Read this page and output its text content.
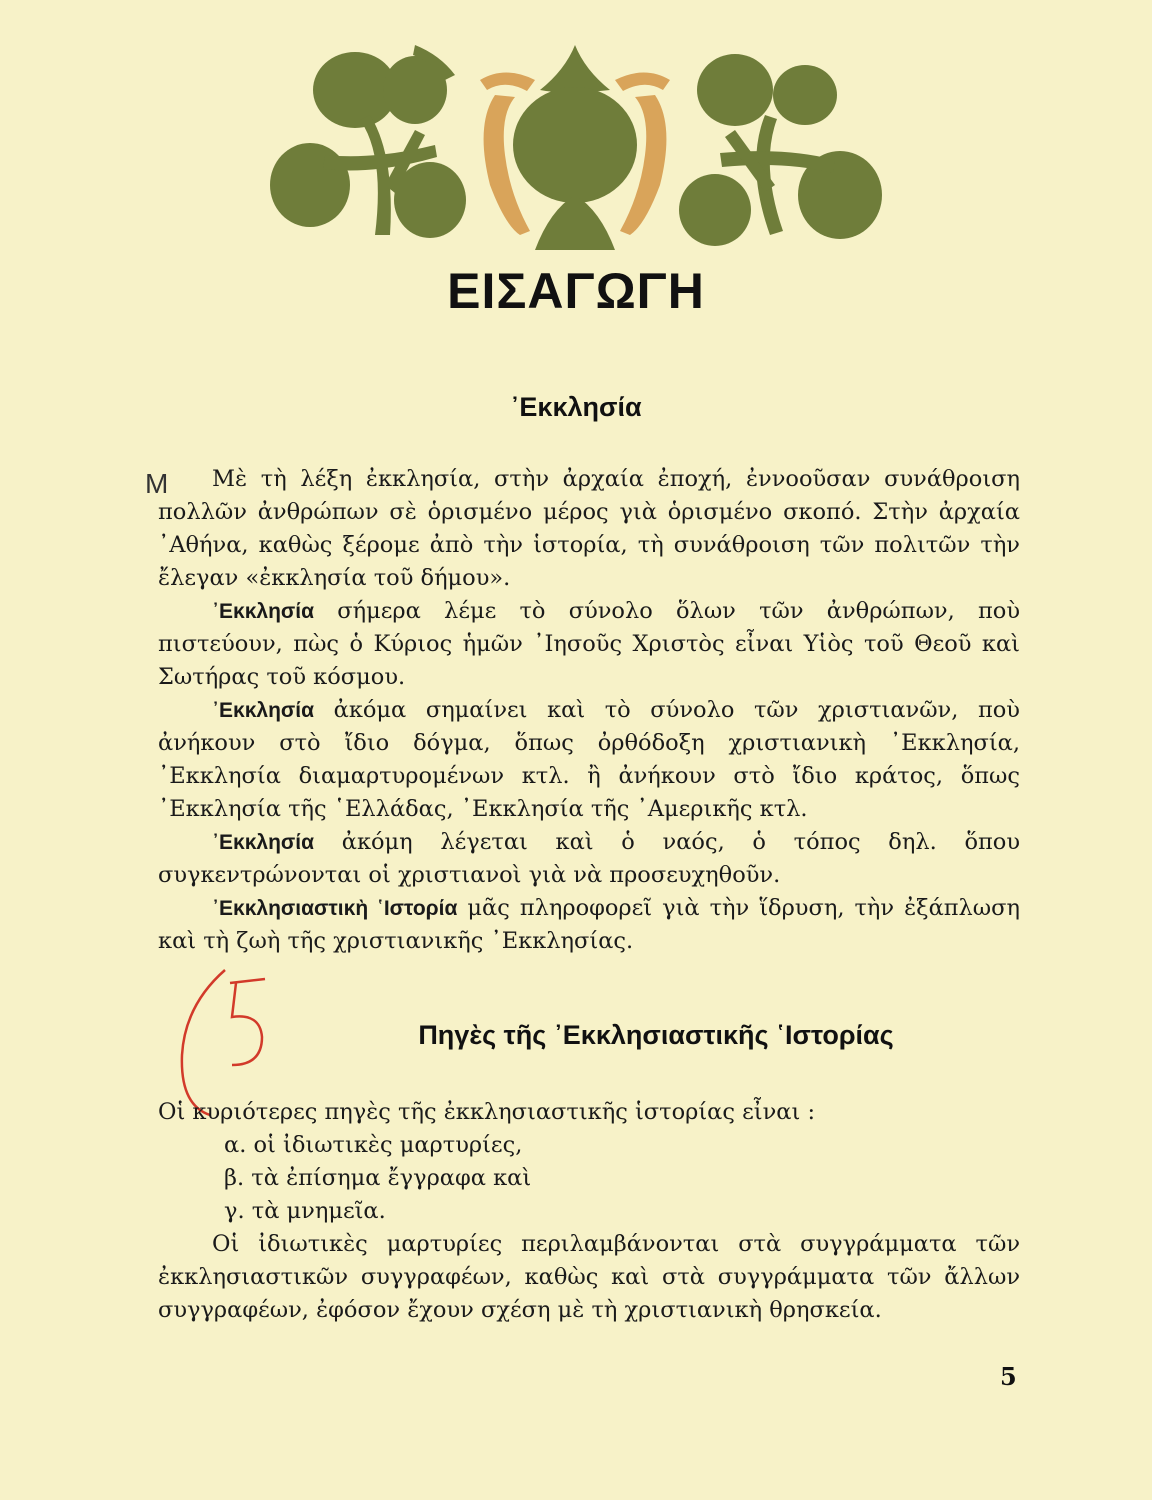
ΕΙΣΑΓΩΓΗ
᾿Εκκλησία
Μ	Μὲ τὴ λέξη ἐκκλησία, στὴν ἀρχαία ἐποχή, ἐννοοῦσαν συνάθροιση πολλῶν ἀνθρώπων σὲ ὁρισμένο μέρος γιὰ ὁρισμένο σκοπό. Στὴν ἀρχαία ᾿Αθήνα, καθὼς ξέρομε ἀπὸ τὴν ἱστορία, τὴ συνάθροιση τῶν πολιτῶν τὴν ἔλεγαν «ἐκκλησία τοῦ δήμου».

᾿Εκκλησία σήμερα λέμε τὸ σύνολο ὅλων τῶν ἀνθρώπων, ποὺ πιστεύουν, πὼς ὁ Κύριος ἡμῶν ᾿Ιησοῦς Χριστὸς εἶναι Υἱὸς τοῦ Θεοῦ καὶ Σωτήρας τοῦ κόσμου.

᾿Εκκλησία ἀκόμα σημαίνει καὶ τὸ σύνολο τῶν χριστιανῶν, ποὺ ἀνήκουν στὸ ἴδιο δόγμα, ὅπως ὀρθόδοξη χριστιανικὴ ᾿Εκκλησία, ᾿Εκκλησία διαμαρτυρομένων κτλ. ἢ ἀνήκουν στὸ ἴδιο κράτος, ὅπως ᾿Εκκλησία τῆς ῾Ελλάδας, ᾿Εκκλησία τῆς ᾿Αμερικῆς κτλ.

᾿Εκκλησία ἀκόμη λέγεται καὶ ὁ ναός, ὁ τόπος δηλ. ὅπου συγκεντρώνονται οἱ χριστιανοὶ γιὰ νὰ προσευχηθοῦν.

᾿Εκκλησιαστικὴ ῾Ιστορία μᾶς πληροφορεῖ γιὰ τὴν ἵδρυση, τὴν ἐξάπλωση καὶ τὴ ζωὴ τῆς χριστιανικῆς ᾿Εκκλησίας.

Πηγὲς τῆς ᾿Εκκλησιαστικῆς ῾Ιστορίας

Οἱ κυριότερες πηγὲς τῆς ἐκκλησιαστικῆς ἱστορίας εἶναι :

α. οἱ ἰδιωτικὲς μαρτυρίες,

β. τὰ ἐπίσημα ἔγγραφα καὶ

γ. τὰ μνημεῖα.

Οἱ ἰδιωτικὲς μαρτυρίες περιλαμβάνονται στὰ συγγράμματα τῶν ἐκκλησιαστικῶν συγγραφέων, καθὼς καὶ στὰ συγγράμματα τῶν ἄλλων συγγραφέων, ἐφόσον ἔχουν σχέση μὲ τὴ χριστιανικὴ θρησκεία.

5
